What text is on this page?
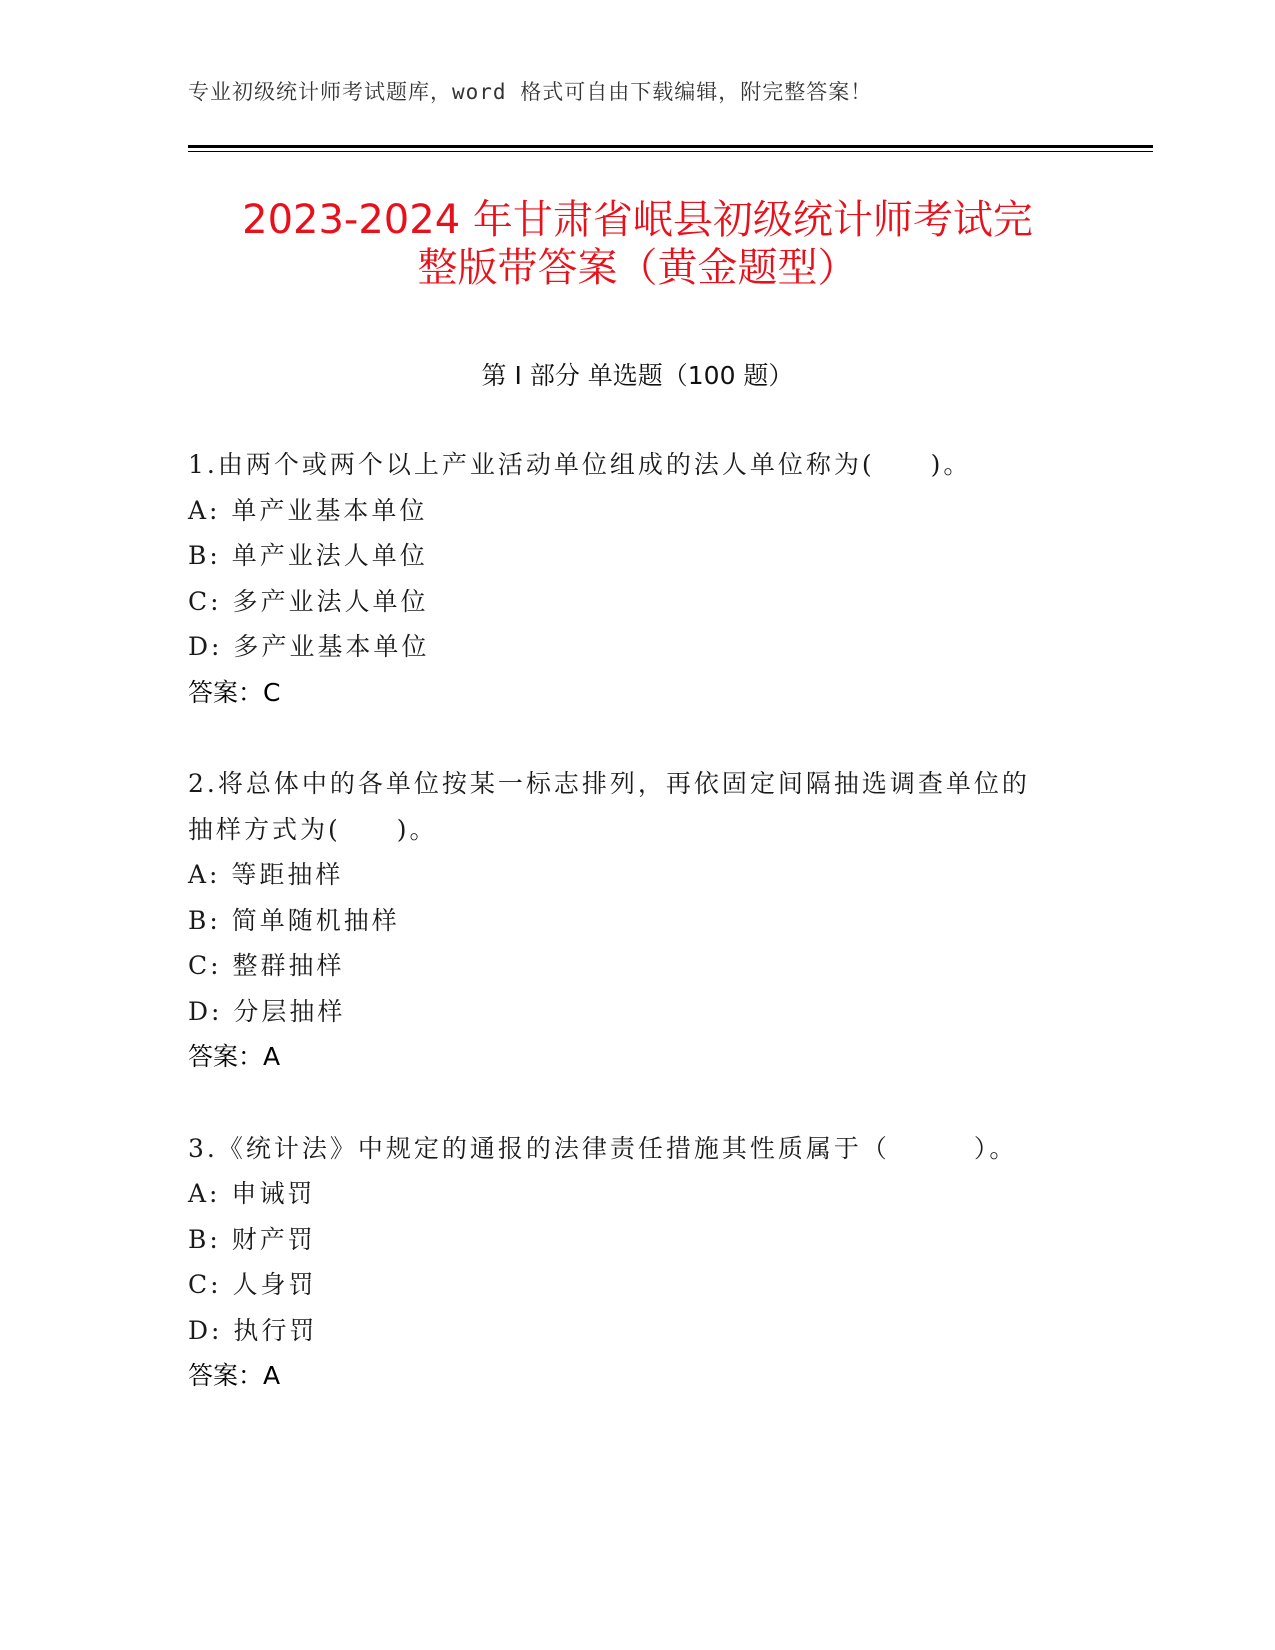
专业初级统计师考试题库，word 格式可自由下载编辑，附完整答案！
2023-2024 年甘肃省岷县初级统计师考试完
整版带答案（黄金题型）
第 I 部分 单选题（100 题）
1.由两个或两个以上产业活动单位组成的法人单位称为(　　)。
A: 单产业基本单位
B: 单产业法人单位
C: 多产业法人单位
D: 多产业基本单位
答案：C
2.将总体中的各单位按某一标志排列，再依固定间隔抽选调查单位的
抽样方式为(　　)。
A: 等距抽样
B: 简单随机抽样
C: 整群抽样
D: 分层抽样
答案：A
3.《统计法》中规定的通报的法律责任措施其性质属于（　　　）。
A: 申诫罚
B: 财产罚
C: 人身罚
D: 执行罚
答案：A
